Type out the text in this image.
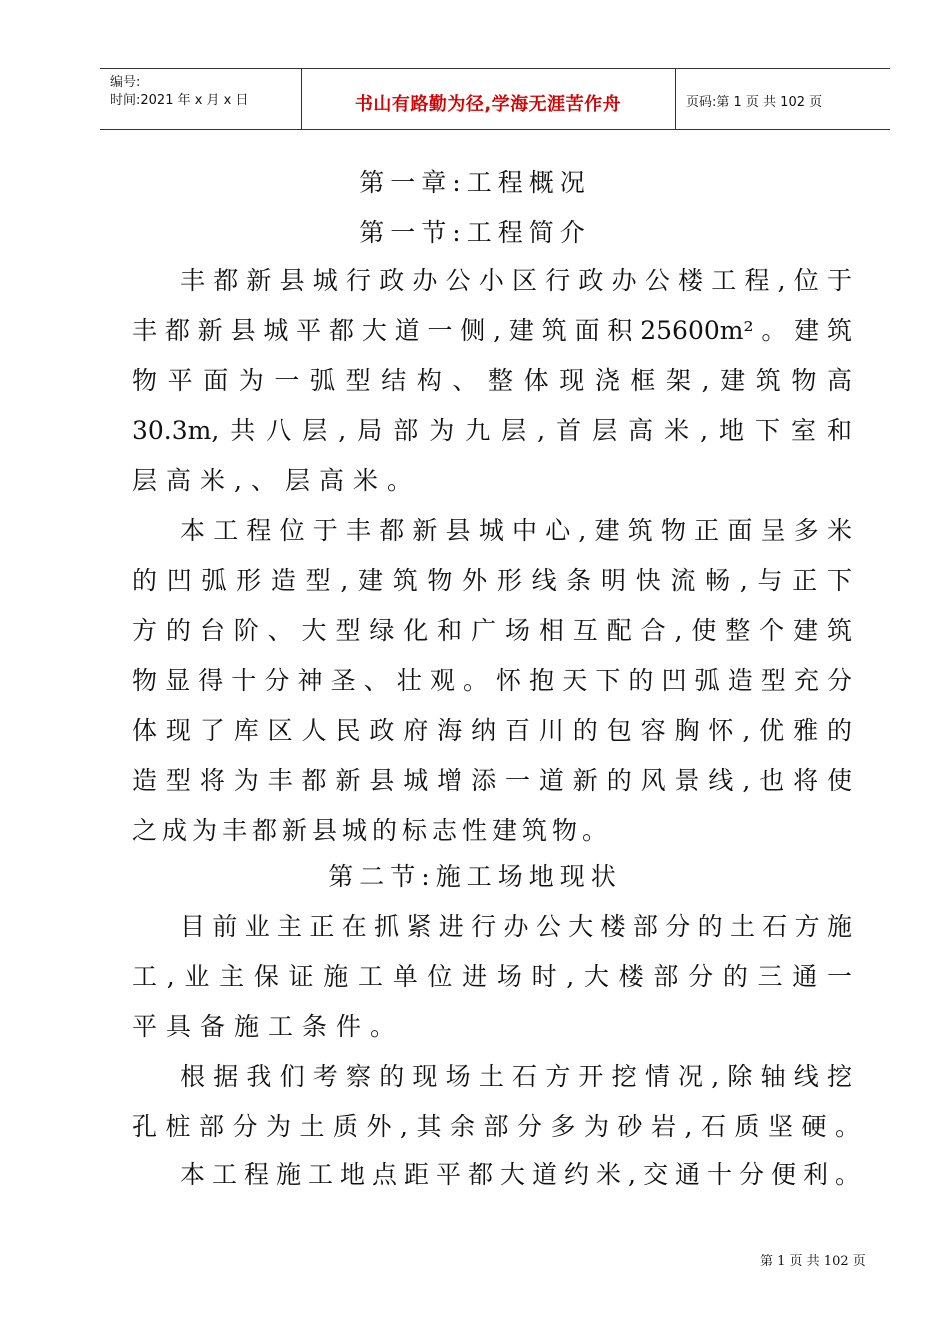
编号:
时间:2021 年 x 月 x 日	书山有路勤为径,学海无涯苦作舟	页码:第 1 页 共 102 页
第一章:工程概况
第一节:工程简介
丰都新县城行政办公小区行政办公楼工程,位于
丰都新县城平都大道一侧,建筑面积25600m²。建筑
物平面为一弧型结构、整体现浇框架,建筑物高
30.3m,共八层,局部为九层,首层高米,地下室和
层高米,、层高米。
本工程位于丰都新县城中心,建筑物正面呈多米
的凹弧形造型,建筑物外形线条明快流畅,与正下
方的台阶、大型绿化和广场相互配合,使整个建筑
物显得十分神圣、壮观。怀抱天下的凹弧造型充分
体现了库区人民政府海纳百川的包容胸怀,优雅的
造型将为丰都新县城增添一道新的风景线,也将使
之成为丰都新县城的标志性建筑物。
第二节:施工场地现状
目前业主正在抓紧进行办公大楼部分的土石方施
工,业主保证施工单位进场时,大楼部分的三通一
平具备施工条件。
根据我们考察的现场土石方开挖情况,除轴线挖
孔桩部分为土质外,其余部分多为砂岩,石质坚硬。
本工程施工地点距平都大道约米,交通十分便利。
第 1 页 共 102 页
